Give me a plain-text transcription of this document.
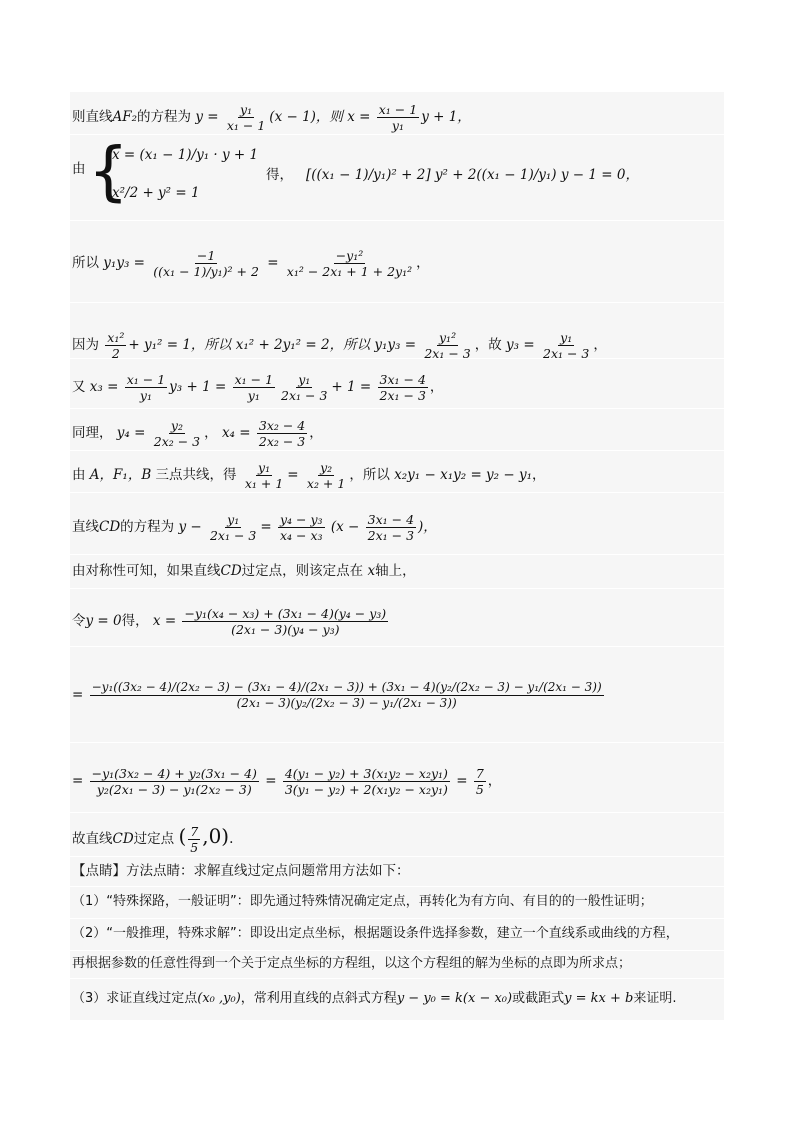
则直线AF₂的方程为 $y = \frac{\text{y₁}}{\text{x₁ − 1}} (x - 1)$，则 $x = \frac{\text{x₁ − 1}}{\text{y₁}}$ y + 1，
由 {
x = (x₁ − 1)/y₁ · y + 1
x²/2 + y² = 1
得， [((x₁ − 1)/y₁)² + 2] y² + 2((x₁ − 1)/y₁) y − 1 = 0，
所以 $y_1y_3 = \frac{-1}{\text{((x₁ − 1)/y₁)² + 2}} = \frac{\text{−y₁²}}{\text{x₁² − 2x₁ + 1 + 2y₁²}}$ ，
因为 $\frac{\text{x₁²}}{2} + y_1^2 = 1$，所以 x₁² + 2y₁² = 2，所以 $y_1y_3 = \frac{\text{y₁²}}{\text{2x₁ − 3}}$ ，故 $y_3 = \frac{\text{y₁}}{\text{2x₁ − 3}}$ ，
又 $x_3 = \frac{\text{x₁ − 1}}{\text{y₁}} y_3 + 1 = \frac{\text{x₁ − 1}}{\text{y₁}} \frac{\text{y₁}}{\text{2x₁ − 3}} + 1 = \frac{\text{3x₁ − 4}}{\text{2x₁ − 3}}$ ，
同理， $y_4 = \frac{\text{y₂}}{\text{2x₂ − 3}}$ ， $x_4 = \frac{\text{3x₂ − 4}}{\text{2x₂ − 3}}$ ，
由 A，F₁，B 三点共线，得 $\frac{\text{y₁}}{\text{x₁ + 1}} = \frac{\text{y₂}}{\text{x₂ + 1}}$ ，所以 x₂y₁ − x₁y₂ = y₂ − y₁，
直线CD的方程为 $y - \frac{\text{y₁}}{\text{2x₁ − 3}} = \frac{\text{y₄ − y₃}}{\text{x₄ − x₃}} (x - \frac{\text{3x₁ − 4}}{\text{2x₁ − 3}}$ )，
由对称性可知，如果直线CD过定点，则该定点在 x轴上，
令y = 0得， $x = \frac{\text{−y₁(x₄ − x₃) + (3x₁ − 4)(y₄ − y₃)}}{\text{(2x₁ − 3)(y₄ − y₃)}}$
= −y₁((3x₂ − 4)/(2x₂ − 3) − (3x₁ − 4)/(2x₁ − 3)) + (3x₁ − 4)(y₂/(2x₂ − 3) − y₁/(2x₁ − 3))
(2x₁ − 3)(y₂/(2x₂ − 3) − y₁/(2x₁ − 3))
= $\frac{\text{−y₁(3x₂ − 4) + y₂(3x₁ − 4)}}{\text{y₂(2x₁ − 3) − y₁(2x₂ − 3)}} = \frac{\text{4(y₁ − y₂) + 3(x₁y₂ − x₂y₁)}}{\text{3(y₁ − y₂) + 2(x₁y₂ − x₂y₁)}} = \frac{7}{5}$ ，
故直线CD过定点 ( $\frac{7}{5} ,0$).
【点睛】方法点睛：求解直线过定点问题常用方法如下：
（1）“特殊探路，一般证明”：即先通过特殊情况确定定点，再转化为有方向、有目的的一般性证明；
（2）“一般推理，特殊求解”：即设出定点坐标，根据题设条件选择参数，建立一个直线系或曲线的方程，
再根据参数的任意性得到一个关于定点坐标的方程组，以这个方程组的解为坐标的点即为所求点；
（3）求证直线过定点(x₀ ,y₀)，常利用直线的点斜式方程y − y₀ = k(x − x₀)或截距式y = kx + b来证明.
